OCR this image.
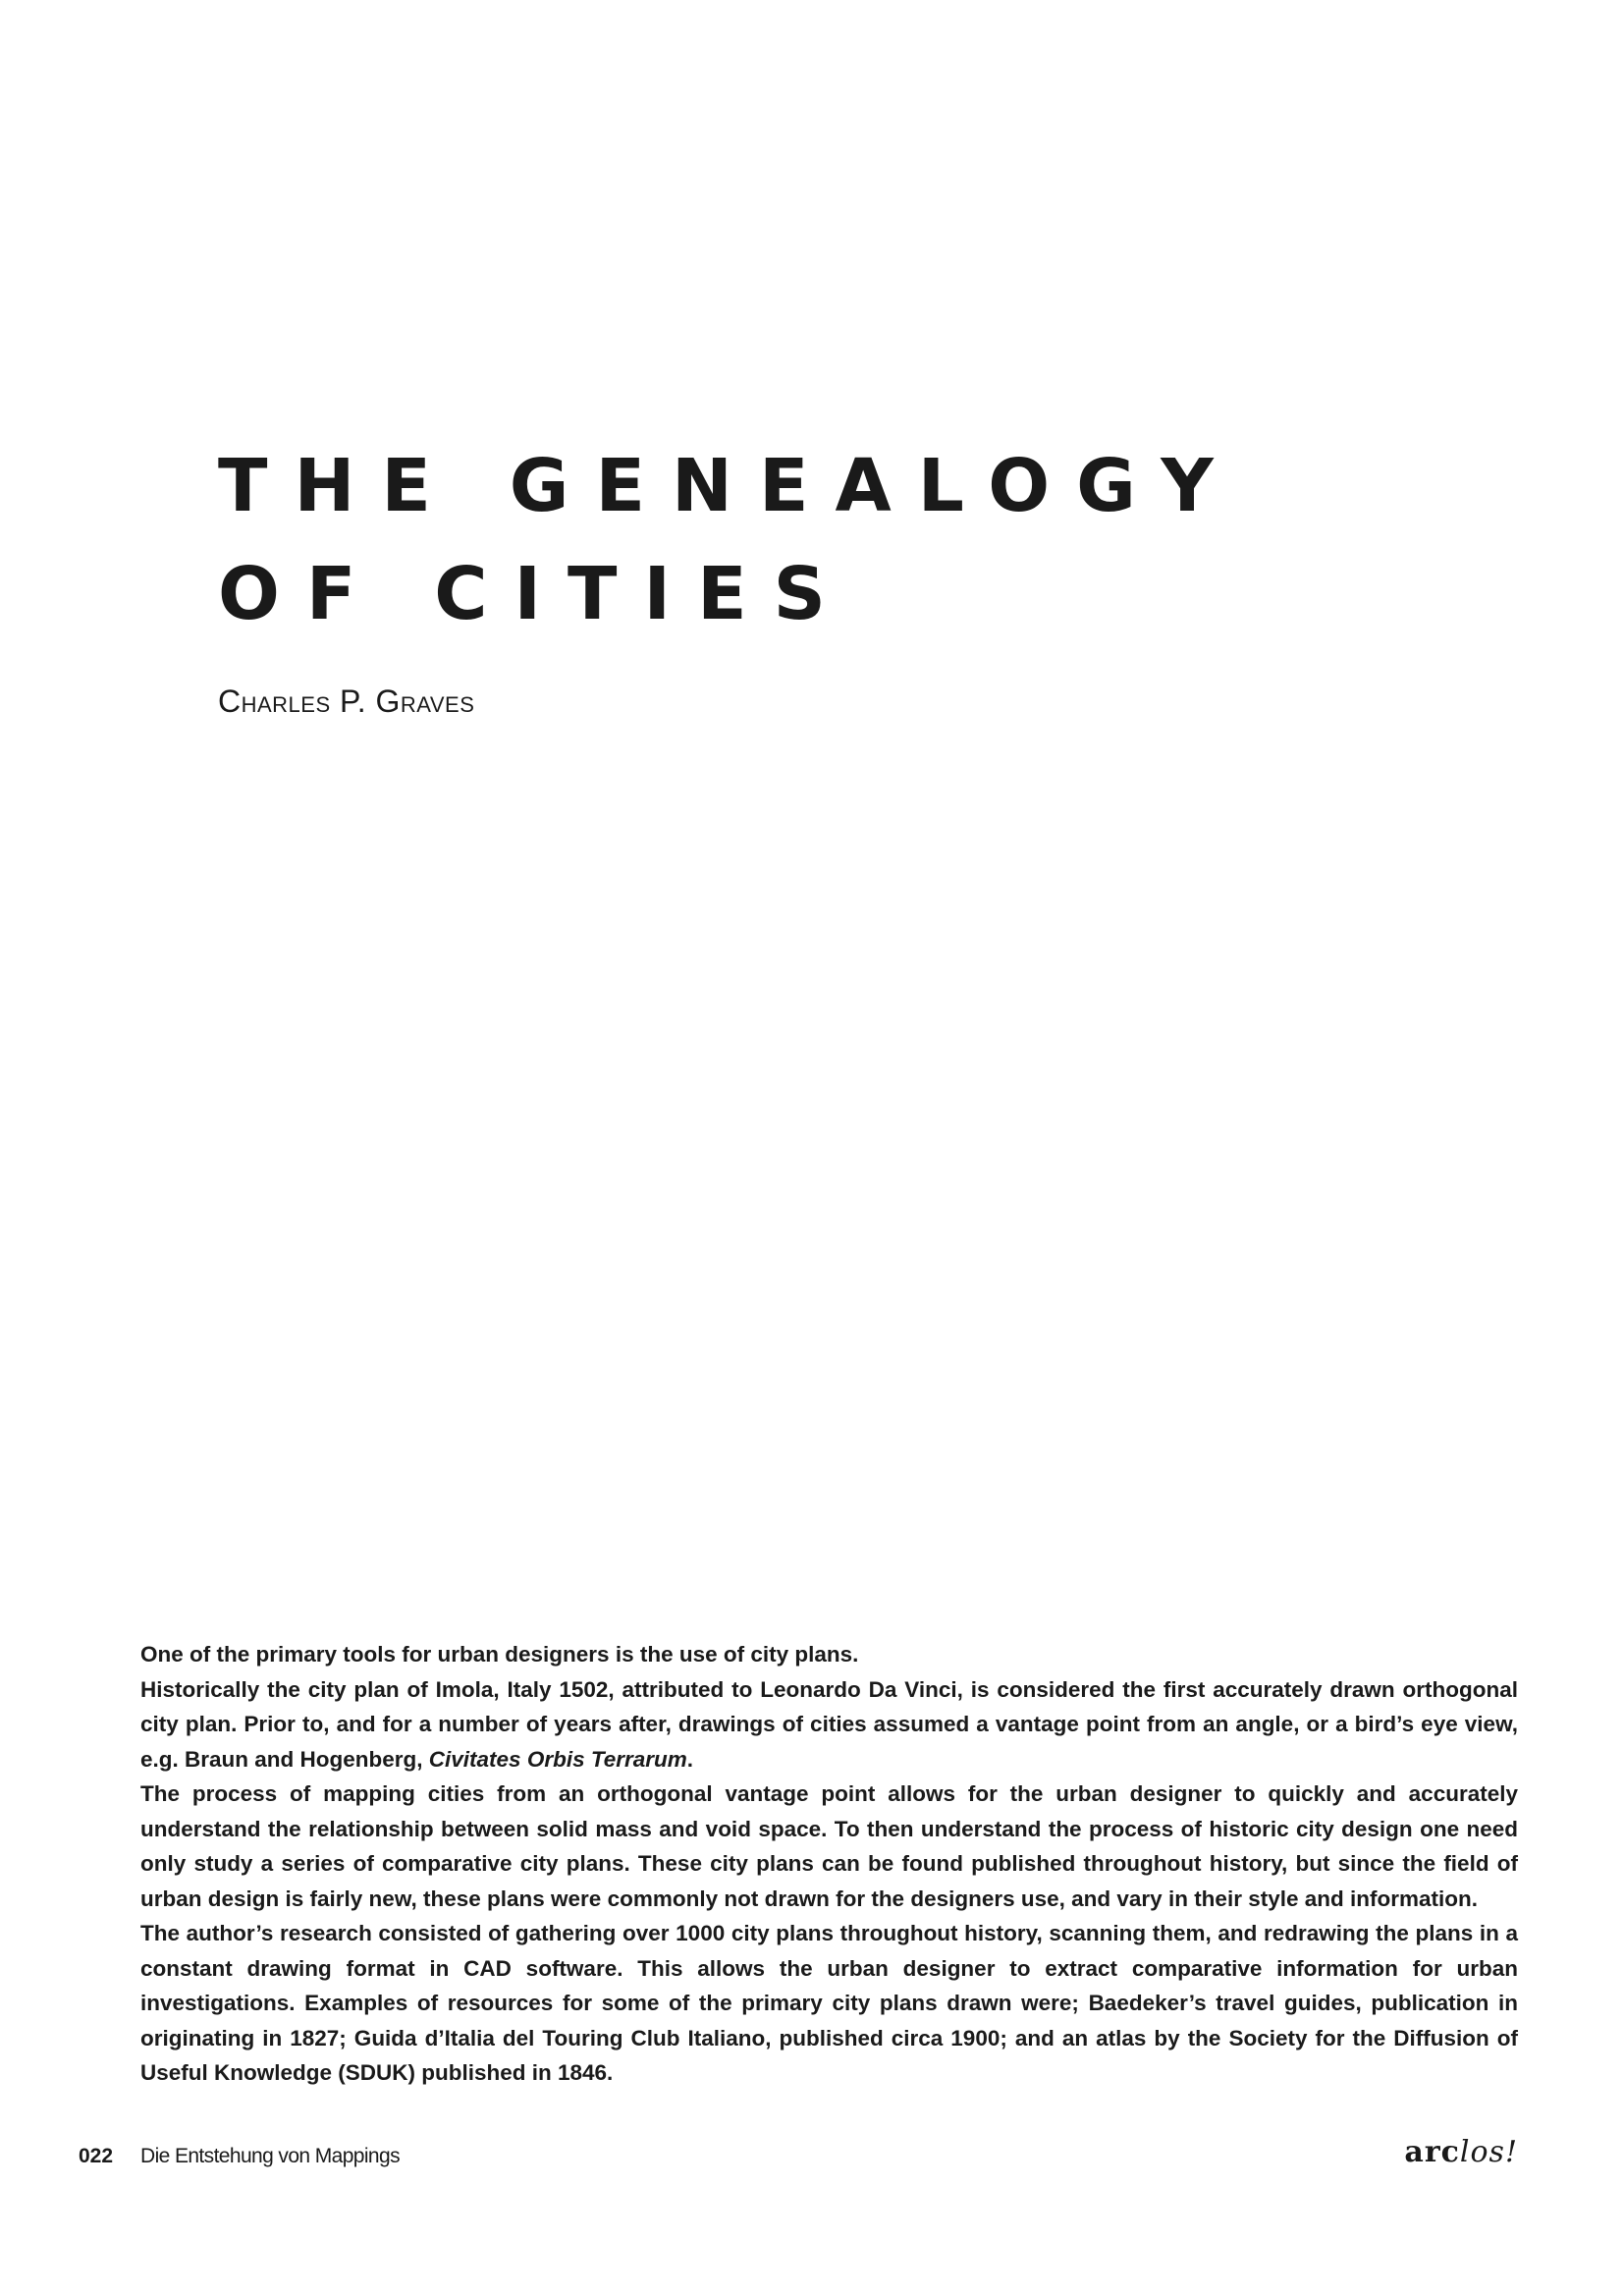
THE GENEALOGY
OF CITIES
Charles P. Graves

One of the primary tools for urban designers is the use of city plans.

Historically the city plan of Imola, Italy 1502, attributed to Leonardo Da Vinci, is considered the first accurately drawn orthogonal city plan. Prior to, and for a number of years after, drawings of cities assumed a vantage point from an angle, or a bird’s eye view, e.g. Braun and Hogenberg, Civitates Orbis Terrarum.

The process of mapping cities from an orthogonal vantage point allows for the urban designer to quickly and accurately understand the relationship between solid mass and void space. To then understand the process of historic city design one need only study a series of comparative city plans. These city plans can be found published throughout history, but since the field of urban design is fairly new, these plans were commonly not drawn for the designers use, and vary in their style and information.

The author’s research consisted of gathering over 1000 city plans throughout history, scanning them, and redrawing the plans in a constant drawing format in CAD software. This allows the urban designer to extract comparative information for urban investigations. Examples of resources for some of the primary city plans drawn were; Baedeker’s travel guides, publication in originating in 1827; Guida d’Italia del Touring Club Italiano, published circa 1900; and an atlas by the Society for the Diffusion of Useful Knowledge (SDUK) published in 1846.

022 Die Entstehung von Mappings	arclos!
